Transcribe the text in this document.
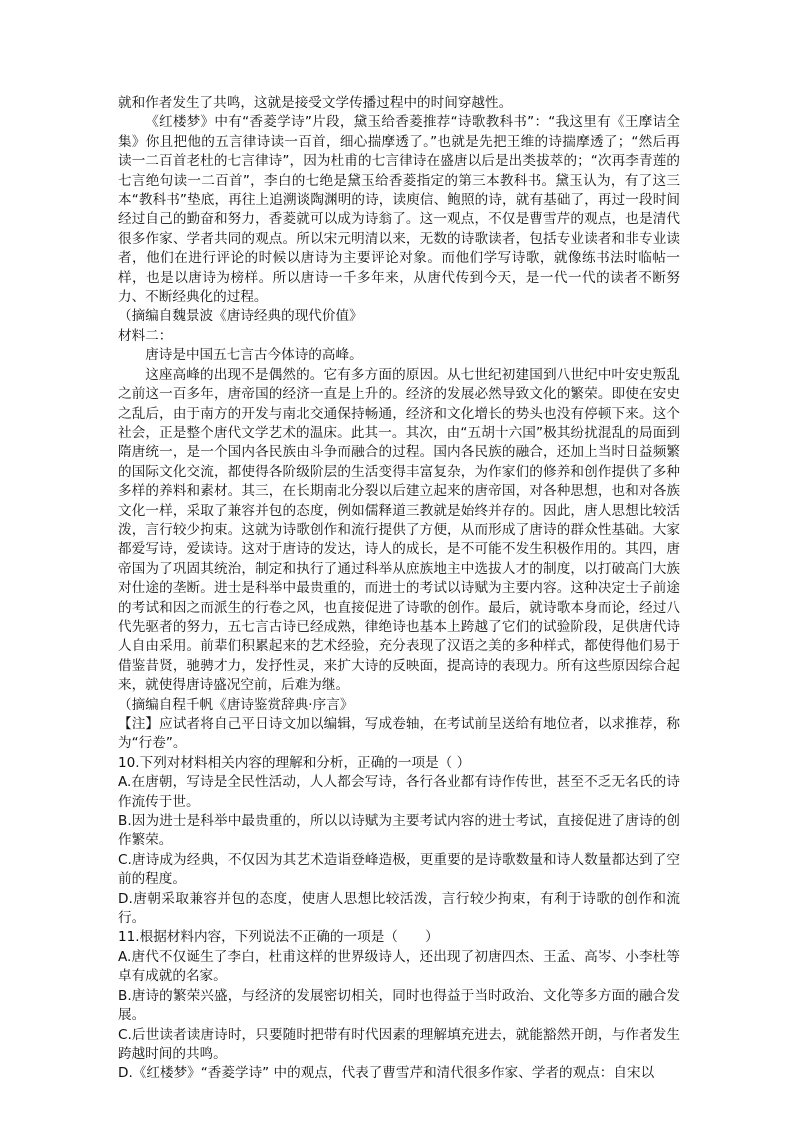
就和作者发生了共鸣，这就是接受文学传播过程中的时间穿越性。

《红楼梦》中有“香菱学诗”片段，黛玉给香菱推荐“诗歌教科书”：“我这里有《王摩诘全集》你且把他的五言律诗读一百首，细心揣摩透了。”也就是先把王维的诗揣摩透了；“然后再读一二百首老杜的七言律诗”，因为杜甫的七言律诗在盛唐以后是出类拔萃的；“次再李青莲的七言绝句读一二百首”，李白的七绝是黛玉给香菱指定的第三本教科书。黛玉认为，有了这三本“教科书”垫底，再往上追溯谈陶渊明的诗，读庾信、鲍照的诗，就有基础了，再过一段时间经过自己的勤奋和努力，香菱就可以成为诗翁了。这一观点，不仅是曹雪芹的观点，也是清代很多作家、学者共同的观点。所以宋元明清以来，无数的诗歌读者，包括专业读者和非专业读者，他们在进行评论的时候以唐诗为主要评论对象。而他们学写诗歌，就像练书法时临帖一样，也是以唐诗为榜样。所以唐诗一千多年来，从唐代传到今天，是一代一代的读者不断努力、不断经典化的过程。

（摘编自魏景波《唐诗经典的现代价值》

材料二：

唐诗是中国五七言古今体诗的高峰。

这座高峰的出现不是偶然的。它有多方面的原因。从七世纪初建国到八世纪中叶安史叛乱之前这一百多年，唐帝国的经济一直是上升的。经济的发展必然导致文化的繁荣。即使在安史之乱后，由于南方的开发与南北交通保持畅通，经济和文化增长的势头也没有停顿下来。这个社会，正是整个唐代文学艺术的温床。此其一。其次，由“五胡十六国”极其纷扰混乱的局面到隋唐统一，是一个国内各民族由斗争而融合的过程。国内各民族的融合，还加上当时日益频繁的国际文化交流，都使得各阶级阶层的生活变得丰富复杂，为作家们的修养和创作提供了多种多样的养料和素材。其三，在长期南北分裂以后建立起来的唐帝国，对各种思想，也和对各族文化一样，采取了兼容并包的态度，例如儒释道三教就是始终并存的。因此，唐人思想比较活泼，言行较少拘束。这就为诗歌创作和流行提供了方便，从而形成了唐诗的群众性基础。大家都爱写诗，爱读诗。这对于唐诗的发达，诗人的成长，是不可能不发生积极作用的。其四，唐帝国为了巩固其统治，制定和执行了通过科举从庶族地主中选拔人才的制度，以打破高门大族对仕途的垄断。进士是科举中最贵重的，而进士的考试以诗赋为主要内容。这种决定士子前途的考试和因之而派生的行卷之风，也直接促进了诗歌的创作。最后，就诗歌本身而论，经过八代先驱者的努力，五七言古诗已经成熟，律绝诗也基本上跨越了它们的试验阶段，足供唐代诗人自由采用。前辈们积累起来的艺术经验，充分表现了汉语之美的多种样式，都使得他们易于借鉴昔贤，驰骋才力，发抒性灵，来扩大诗的反映面，提高诗的表现力。所有这些原因综合起来，就使得唐诗盛况空前，后难为继。

（摘编自程千帆《唐诗鉴赏辞典·序言》

【注】应试者将自己平日诗文加以编辑，写成卷轴，在考试前呈送给有地位者，以求推荐，称为“行卷”。

10.下列对材料相关内容的理解和分析，正确的一项是（ ）

A.在唐朝，写诗是全民性活动，人人都会写诗，各行各业都有诗作传世，甚至不乏无名氏的诗作流传于世。

B.因为进士是科举中最贵重的，所以以诗赋为主要考试内容的进士考试，直接促进了唐诗的创作繁荣。

C.唐诗成为经典，不仅因为其艺术造诣登峰造极，更重要的是诗歌数量和诗人数量都达到了空前的程度。

D.唐朝采取兼容并包的态度，使唐人思想比较活泼，言行较少拘束，有利于诗歌的创作和流行。

11.根据材料内容，下列说法不正确的一项是（　　）

A.唐代不仅诞生了李白，杜甫这样的世界级诗人，还出现了初唐四杰、王孟、高岑、小李杜等卓有成就的名家。

B.唐诗的繁荣兴盛，与经济的发展密切相关，同时也得益于当时政治、文化等多方面的融合发展。

C.后世读者读唐诗时，只要随时把带有时代因素的理解填充进去，就能豁然开朗，与作者发生跨越时间的共鸣。

D.《红楼梦》“香菱学诗” 中的观点，代表了曹雪芹和清代很多作家、学者的观点：自宋以
